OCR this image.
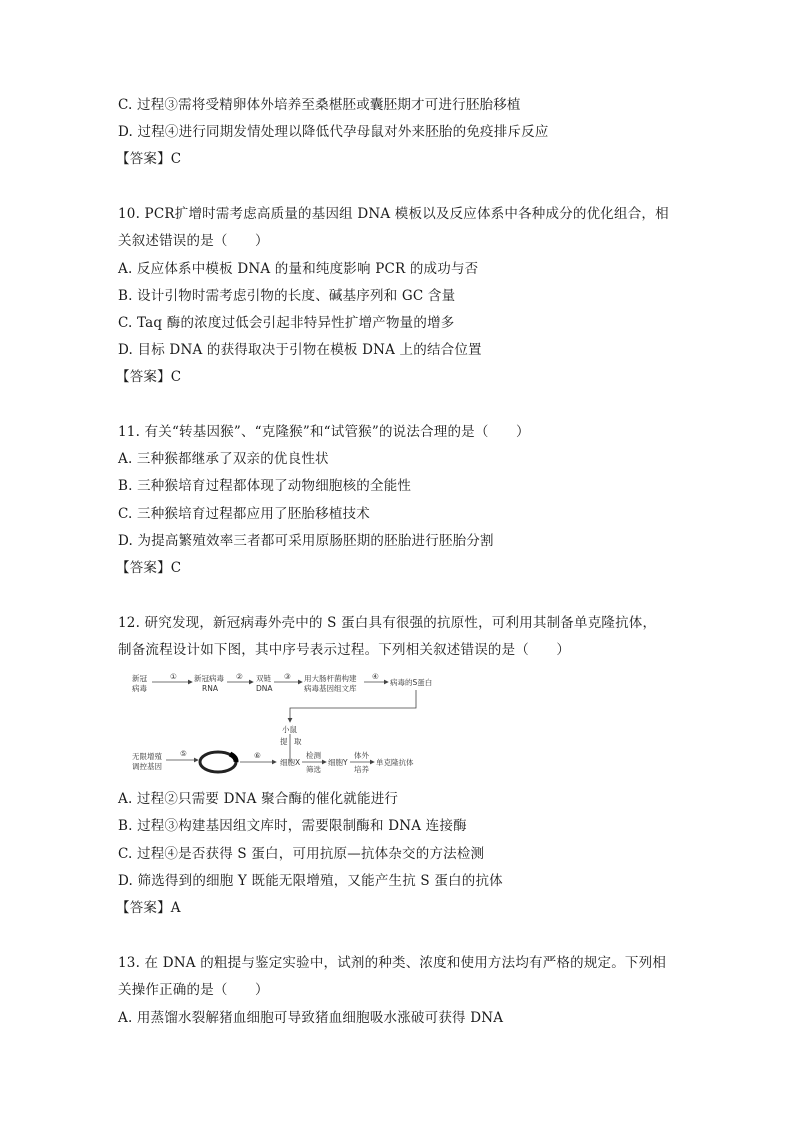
C. 过程③需将受精卵体外培养至桑椹胚或囊胚期才可进行胚胎移植
D. 过程④进行同期发情处理以降低代孕母鼠对外来胚胎的免疫排斥反应
【答案】C
10. PCR扩增时需考虑高质量的基因组 DNA 模板以及反应体系中各种成分的优化组合，相
关叙述错误的是（　　）
A. 反应体系中模板 DNA 的量和纯度影响 PCR 的成功与否
B. 设计引物时需考虑引物的长度、碱基序列和 GC 含量
C. Taq 酶的浓度过低会引起非特异性扩增产物量的增多
D. 目标 DNA 的获得取决于引物在模板 DNA 上的结合位置
【答案】C
11. 有关“转基因猴”、“克隆猴”和“试管猴”的说法合理的是（　　）
A. 三种猴都继承了双亲的优良性状
B. 三种猴培育过程都体现了动物细胞核的全能性
C. 三种猴培育过程都应用了胚胎移植技术
D. 为提高繁殖效率三者都可采用原肠胚期的胚胎进行胚胎分割
【答案】C
12. 研究发现，新冠病毒外壳中的 S 蛋白具有很强的抗原性，可利用其制备单克隆抗体，
制备流程设计如下图，其中序号表示过程。下列相关叙述错误的是（　　）
新冠
病毒
① 新冠病毒
RNA
② 双链
DNA
③ 用大肠杆菌构建
病毒基因组文库
④
病毒的S蛋白
小鼠
提 取
无限增殖
调控基因
⑤	⑥
细胞X
检测
筛选
细胞Y
体外
培养
单克隆抗体
A. 过程②只需要 DNA 聚合酶的催化就能进行
B. 过程③构建基因组文库时，需要限制酶和 DNA 连接酶
C. 过程④是否获得 S 蛋白，可用抗原—抗体杂交的方法检测
D. 筛选得到的细胞 Y 既能无限增殖，又能产生抗 S 蛋白的抗体
【答案】A
13. 在 DNA 的粗提与鉴定实验中，试剂的种类、浓度和使用方法均有严格的规定。下列相
关操作正确的是（　　）
A. 用蒸馏水裂解猪血细胞可导致猪血细胞吸水涨破可获得 DNA
